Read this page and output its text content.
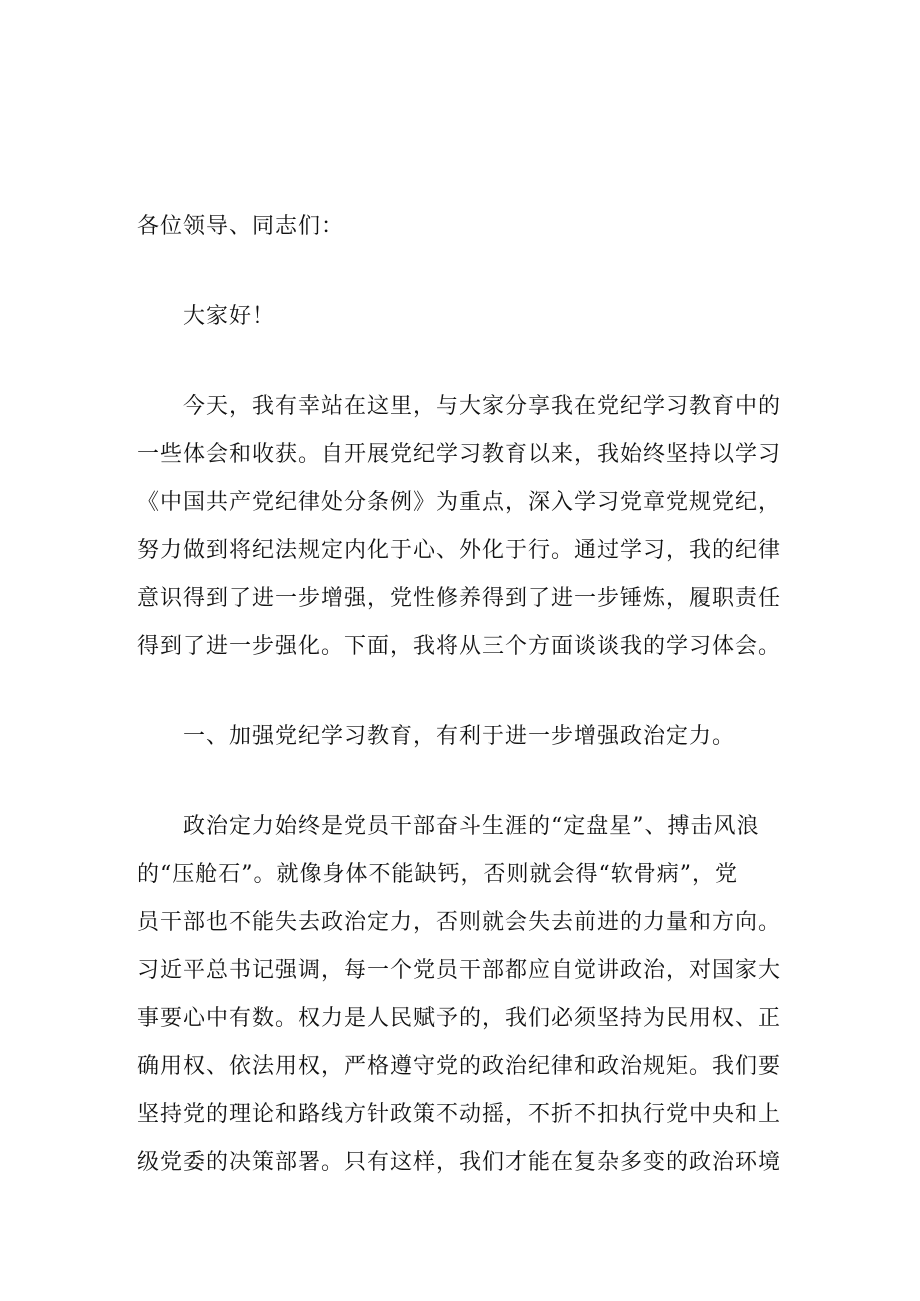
各位领导、同志们：
大家好！
今天，我有幸站在这里，与大家分享我在党纪学习教育中的
一些体会和收获。自开展党纪学习教育以来，我始终坚持以学习
《中国共产党纪律处分条例》为重点，深入学习党章党规党纪，
努力做到将纪法规定内化于心、外化于行。通过学习，我的纪律
意识得到了进一步增强，党性修养得到了进一步锤炼，履职责任
得到了进一步强化。下面，我将从三个方面谈谈我的学习体会。
一、加强党纪学习教育，有利于进一步增强政治定力。
政治定力始终是党员干部奋斗生涯的“定盘星”、搏击风浪
的“压舱石”。就像身体不能缺钙，否则就会得“软骨病”，党
员干部也不能失去政治定力，否则就会失去前进的力量和方向。
习近平总书记强调，每一个党员干部都应自觉讲政治，对国家大
事要心中有数。权力是人民赋予的，我们必须坚持为民用权、正
确用权、依法用权，严格遵守党的政治纪律和政治规矩。我们要
坚持党的理论和路线方针政策不动摇，不折不扣执行党中央和上
级党委的决策部署。只有这样，我们才能在复杂多变的政治环境
